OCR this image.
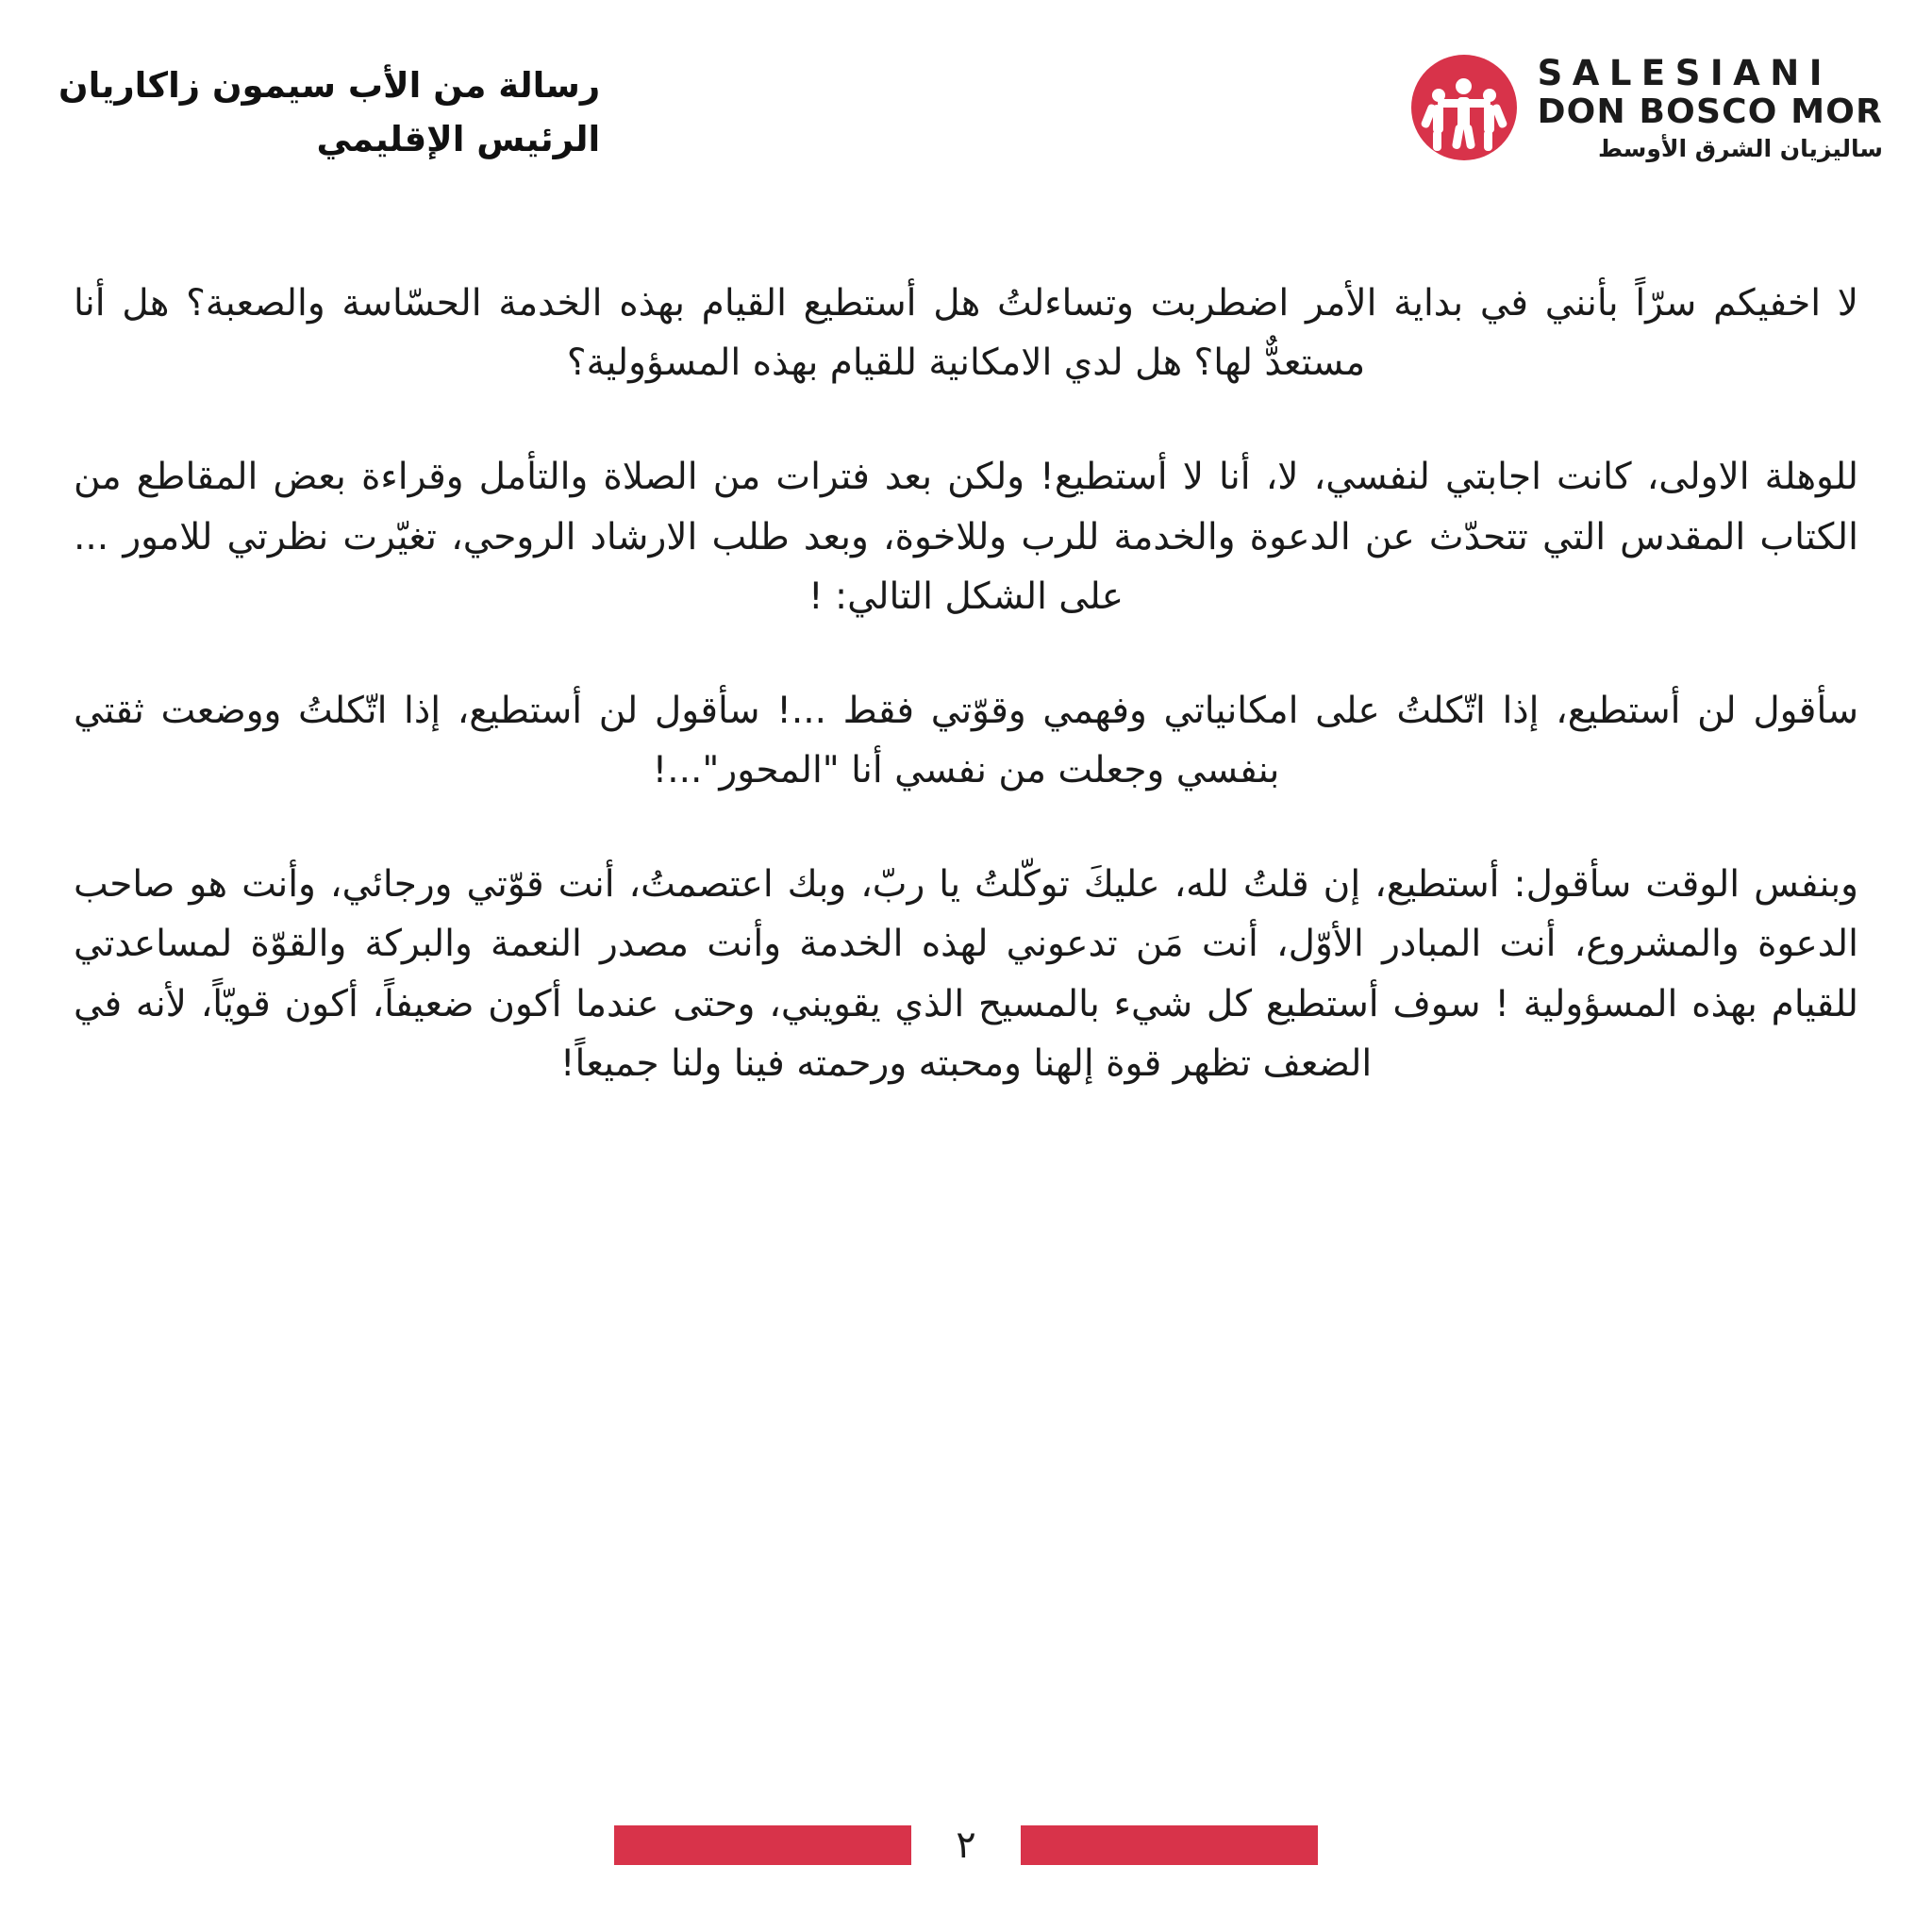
رسالة من الأب سيمون زاكاريان
الرئيس الإقليمي
SALESIANI
DON BOSCO MOR
ساليزيان الشرق الأوسط

لا اخفيكم سرّاً بأنني في بداية الأمر اضطربت وتساءلتُ هل أستطيع القيام بهذه الخدمة الحسّاسة والصعبة؟ هل أنا مستعدٌّ لها؟ هل لدي الامكانية للقيام بهذه المسؤولية؟

للوهلة الاولى، كانت اجابتي لنفسي، لا، أنا لا أستطيع! ولكن بعد فترات من الصلاة والتأمل وقراءة بعض المقاطع من الكتاب المقدس التي تتحدّث عن الدعوة والخدمة للرب وللاخوة، وبعد طلب الارشاد الروحي، تغيّرت نظرتي للامور ... على الشكل التالي: !

سأقول لن أستطيع، إذا اتّكلتُ على امكانياتي وفهمي وقوّتي فقط ...! سأقول لن أستطيع، إذا اتّكلتُ ووضعت ثقتي بنفسي وجعلت من نفسي أنا "المحور"...!

وبنفس الوقت سأقول: أستطيع، إن قلتُ لله، عليكَ توكّلتُ يا ربّ، وبك اعتصمتُ، أنت قوّتي ورجائي، وأنت هو صاحب الدعوة والمشروع، أنت المبادر الأوّل، أنت مَن تدعوني لهذه الخدمة وأنت مصدر النعمة والبركة والقوّة لمساعدتي للقيام بهذه المسؤولية ! سوف أستطيع كل شيء بالمسيح الذي يقويني، وحتى عندما أكون ضعيفاً، أكون قويّاً، لأنه في الضعف تظهر قوة إلهنا ومحبته ورحمته فينا ولنا جميعاً!

٢
